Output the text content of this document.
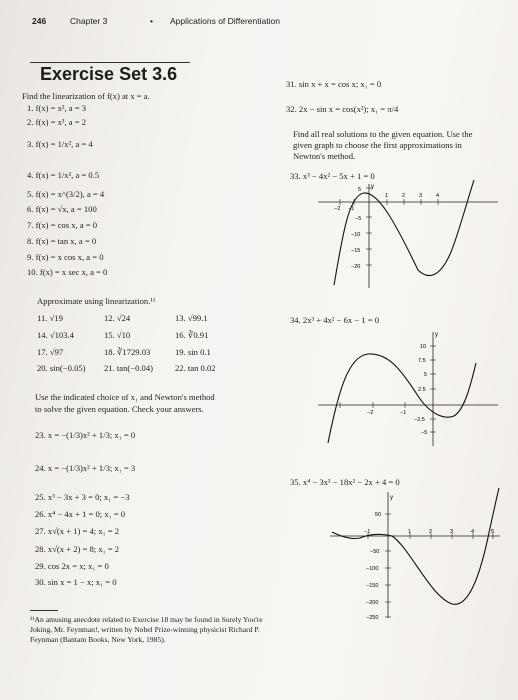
246	Chapter 3	• Applications of Differentiation
Exercise Set 3.6
Find the linearization of f(x) at x = a.
1. f(x) = x², a = 3
2. f(x) = x³, a = 2
3. f(x) = 1/x², a = 4
4. f(x) = 1/x², a = 0.5
5. f(x) = x^(3/2), a = 4
6. f(x) = √x, a = 100
7. f(x) = cos x, a = 0
8. f(x) = tan x, a = 0
9. f(x) = x cos x, a = 0
10. f(x) = x sec x, a = 0
Approximate using linearization.¹¹
11. √19	12. √24	13. √99.1
14. √103.4	15. √10	16. ∛0.91
17. √97	18. ∛1729.03	19. sin 0.1
20. sin(−0.05) 21. tan(−0.04)	22. tan 0.02
Use the indicated choice of x₁ and Newton's method
to solve the given equation. Check your answers.
23. x = −(1/3)x² + 1/3; x₁ = 0
24. x = −(1/3)x² + 1/3; x₁ = 3
25. x³ − 3x + 3 = 0; x₁ = −3
26. x⁴ − 4x + 1 = 0; x₁ = 0
27. x√(x + 1) = 4; x₁ = 2
28. x√(x + 2) = 8; x₁ = 2
29. cos 2x = x; x₁ = 0
30. sin x = 1 − x; x₁ = 0
¹¹An amusing anecdote related to Exercise 18 may be found in Surely You're Joking, Mr. Feynman!, written by Nobel Prize-winning physicist Richard P. Feynman (Bantam Books, New York, 1985).
31. sin x + x = cos x; x₁ = 0
32. 2x − sin x = cos(x²); x₁ = π/4
Find all real solutions to the given equation. Use the
given graph to choose the first approximations in
Newton's method.
33. x³ − 4x² − 5x + 1 = 0
y
−2 −1
1	2	3	4
5
−5
−10
−15
−20
34. 2x³ + 4x² − 6x − 1 = 0
y
−2	−1
10
7.5
5
2.5
−2.5
−5
35. x⁴ − 3x³ − 18x² − 2x + 4 = 0
y
−1	1	2	3	4	5
50
−50
−100
−150
−200
−250
